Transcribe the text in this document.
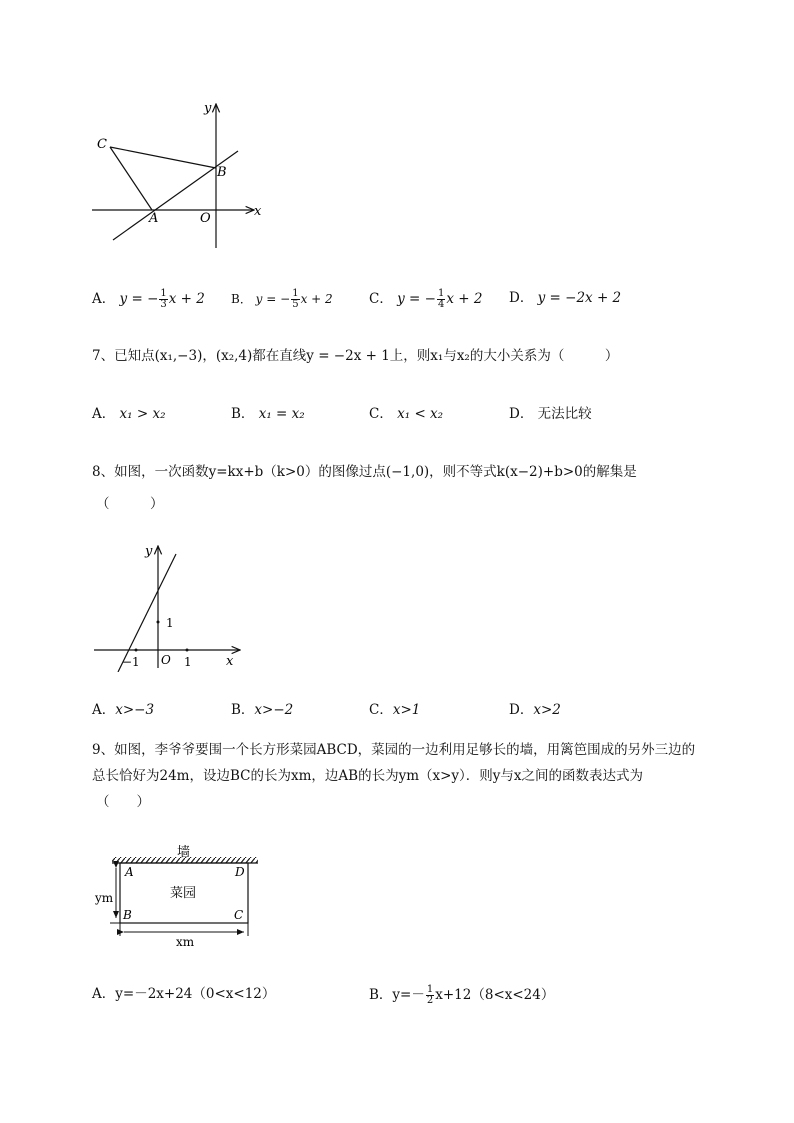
y
x
C
B
A	O
A． y = − $\frac{1}{3}$ x + 2 B． y = − $\frac{1}{5}$ x + 2	C． y = − $\frac{1}{4}$ x + 2 D． y = −2x + 2
7、已知点(x₁,−3)，(x₂,4)都在直线y = −2x + 1上，则x₁与x₂的大小关系为（　　　）
A． x₁ > x₂	B． x₁ = x₂	C． x₁ < x₂	D． 无法比较
8、如图，一次函数y=kx+b（k>0）的图像过点(−1,0)，则不等式k(x−2)+b>0的解集是
（　　　）
y
x
1
−1 O 1
A．x>−3	B．x>−2	C．x>1	D．x>2
9、如图，李爷爷要围一个长方形菜园ABCD，菜园的一边利用足够长的墙，用篱笆围成的另外三边的
总长恰好为24m，设边BC的长为xm，边AB的长为ym（x>y）．则y与x之间的函数表达式为
（　　）
墙
菜园
A	D
B	C
ym
xm
A．y=－2x+24（0<x<12）	B．$y=- \frac{1}{2} x+12(8<x<24)$
